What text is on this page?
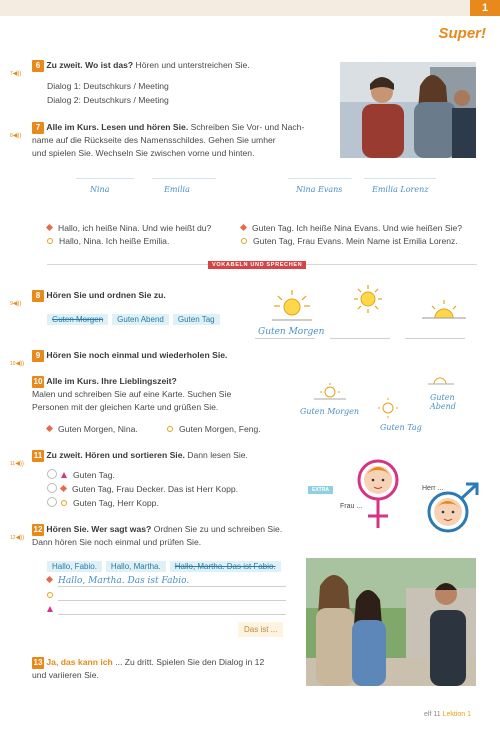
1
Super!
7◀))
6 Zu zweit. Wo ist das? Hören und unterstreichen Sie.
Dialog 1: Deutschkurs / Meeting
Dialog 2: Deutschkurs / Meeting
8◀))
7 Alle im Kurs. Lesen und hören Sie. Schreiben Sie Vor- und Nach-
name auf die Rückseite des Namensschildes. Gehen Sie umher
und spielen Sie. Wechseln Sie zwischen vorne und hinten.
Nina	Emilia	Nina Evans	Emilia Lorenz
Hallo, ich heiße Nina. Und wie heißt du?
Hallo, Nina. Ich heiße Emilia.
Guten Tag. Ich heiße Nina Evans. Und wie heißen Sie?
Guten Tag, Frau Evans. Mein Name ist Emilia Lorenz.
VOKABELN UND SPRECHEN
9◀))
8 Hören Sie und ordnen Sie zu.
Guten Morgen Guten Abend Guten Tag
Guten Morgen
10◀))
9 Hören Sie noch einmal und wiederholen Sie.
10 Alle im Kurs. Ihre Lieblingszeit?
Malen und schreiben Sie auf eine Karte. Suchen Sie
Personen mit der gleichen Karte und grüßen Sie.
Guten Morgen, Nina.	Guten Morgen, Feng.
Guten Morgen
Guten Tag
Guten Abend
11◀))
11 Zu zweit. Hören und sortieren Sie. Dann lesen Sie.
Guten Tag.
Guten Tag, Frau Decker. Das ist Herr Kopp.
Guten Tag, Herr Kopp.
EXTRA
Frau ...
Herr ...
12◀))
12 Hören Sie. Wer sagt was? Ordnen Sie zu und schreiben Sie.
Dann hören Sie noch einmal und prüfen Sie.
Hallo, Fabio. Hallo, Martha. Hallo, Martha. Das ist Fabio.
Hallo, Martha. Das ist Fabio.
Das ist ...
13 Ja, das kann ich ... Zu dritt. Spielen Sie den Dialog in 12
und variieren Sie.
elf 11 Lektion 1
